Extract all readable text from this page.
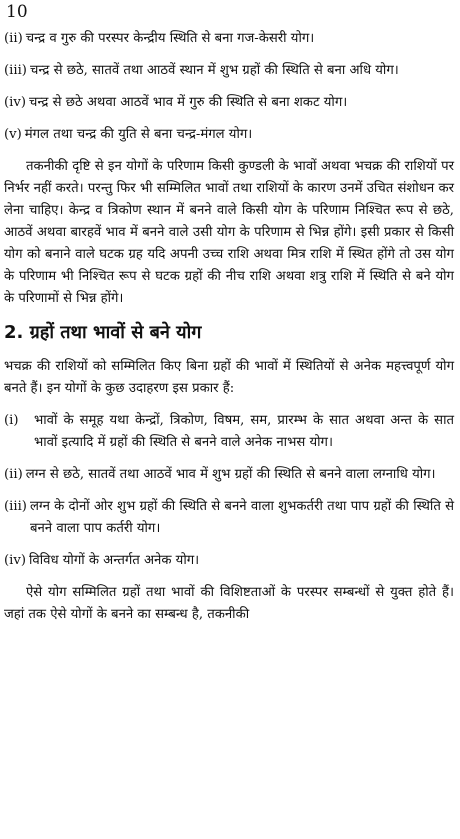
10
(ii) चन्द्र व गुरु की परस्पर केन्द्रीय स्थिति से बना गज-केसरी योग।
(iii) चन्द्र से छठे, सातवें तथा आठवें स्थान में शुभ ग्रहों की स्थिति से बना अधि योग।
(iv) चन्द्र से छठे अथवा आठवें भाव में गुरु की स्थिति से बना शकट योग।
(v) मंगल तथा चन्द्र की युति से बना चन्द्र-मंगल योग।

तकनीकी दृष्टि से इन योगों के परिणाम किसी कुण्डली के भावों अथवा भचक्र की राशियों पर निर्भर नहीं करते। परन्तु फिर भी सम्मिलित भावों तथा राशियों के कारण उनमें उचित संशोधन कर लेना चाहिए। केन्द्र व त्रिकोण स्थान में बनने वाले किसी योग के परिणाम निश्चित रूप से छठे, आठवें अथवा बारहवें भाव में बनने वाले उसी योग के परिणाम से भिन्न होंगे। इसी प्रकार से किसी योग को बनाने वाले घटक ग्रह यदि अपनी उच्च राशि अथवा मित्र राशि में स्थित होंगे तो उस योग के परिणाम भी निश्चित रूप से घटक ग्रहों की नीच राशि अथवा शत्रु राशि में स्थिति से बने योग के परिणामों से भिन्न होंगे।

2. ग्रहों तथा भावों से बने योग

भचक्र की राशियों को सम्मिलित किए बिना ग्रहों की भावों में स्थितियों से अनेक महत्त्वपूर्ण योग बनते हैं। इन योगों के कुछ उदाहरण इस प्रकार हैं:

(i)	भावों के समूह यथा केन्द्रों, त्रिकोण, विषम, सम, प्रारम्भ के सात अथवा अन्त के सात भावों इत्यादि में ग्रहों की स्थिति से बनने वाले अनेक नाभस योग।
(ii) लग्न से छठे, सातवें तथा आठवें भाव में शुभ ग्रहों की स्थिति से बनने वाला लग्नाधि योग।
(iii) लग्न के दोनों ओर शुभ ग्रहों की स्थिति से बनने वाला शुभकर्तरी तथा पाप ग्रहों की स्थिति से बनने वाला पाप कर्तरी योग।
(iv) विविध योगों के अन्तर्गत अनेक योग।

ऐसे योग सम्मिलित ग्रहों तथा भावों की विशिष्टताओं के परस्पर सम्बन्धों से युक्त होते हैं। जहां तक ऐसे योगों के बनने का सम्बन्ध है, तकनीकी
